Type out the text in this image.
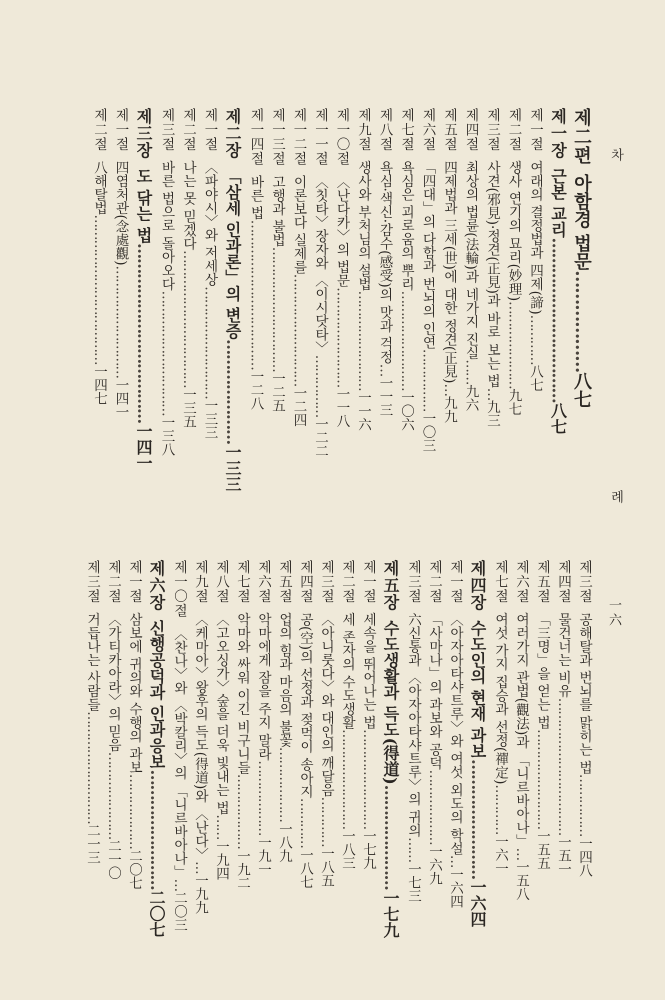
차
례
一六
제二편아함경 법문………………八七
제一장근본 교리……………………………八七
제一절여래의 결정법과 四제(諦)…………八七
제二절생사 연기의 묘리(妙理)…………………九七
제三절사견(邪見)·정견(正見)과 바로 보는 법…九三
제四절최상의 법륜(法輪)과 네가지 진실……九六
제五절四제법과 三세(世)에 대한 정견(正見)…九九
제六절「四대」의 다함과 번뇌의 인연……………一〇三
제七절욕심은 괴로움의 뿌리……………………一〇六
제八절욕심·색신·감수(感受)의 맛과 걱정…一一三
제九절생사와 부처님의 설법……………………一一六
제一〇절〈난다카〉의 법문……………………一一八
제一一절〈칫타〉장자와 〈이시닷타〉……………一二二
제一二절이론보다 실제를………………………一二四
제一三절고행과 불법…………………………一二五
제一四절바른 법………………………………一二八
제二장「삼세 인과론」의 변증…………………一三三
제一절〈파야시〉와 저세상………………………一三三
제二절나는 못 믿겠다……………………………一三五
제三절바른 법으로 돌아오다…………………………一三八
제三장도 닦는 법………………………………一四一
제一절四염처관(念處觀)………………………一四一
제二절八해탈법………………………………一四七
제三절공해탈과 번뇌를 맑히는 법……………一四八
제四절물건너는 비유……………………………一五一
제五절「三명」을 얻는 법……………………一五五
제六절여러가지 관법(觀法)과 「니르바아나」…一五八
제七절여섯 가지 집승과 선정(禪定)…………一六一
제四장수도인의 현재 과보……………………一六四
제一절〈아자아타샤트루〉와 여섯 외도의 학설…一六四
제二절「사마나」의 과보와 공덕………………一六九
제三절六신통과 〈아자아타샤트루〉의 귀의……一七三
제五장수도생활과 득도(得道)…………………一七九
제一절세속을 뛰어나는 법……………………一七九
제二절세 존자의 수도생활……………………一八三
제三절〈아니룻다〉와 대인의 깨달음…………一八五
제四절공(空)의 선정과 젖먹이 송아지…………一八七
제五절업의 힘과 마음의 불꽃………………一八九
제六절악마에게 잠을 주지 말라………………一九一
제七절악마와 싸워 이긴 비구니들………………一九二
제八절〈고오싱가〉숲을 더욱 빛내는 법……一九四
제九절〈케마아〉왕후의 득도(得道)와 〈난다〉…一九九
제一〇절〈찬나〉와 〈박칼리〉의 「니르바아나」…二〇三
제六장신행공덕과 인과응보……………………二〇七
제一절삼보에 귀의와 수행의 과보………………二〇七
제二절〈가티카아라〉의 믿음…………………二一〇
제三절거듭나는 사람들………………………二一三
